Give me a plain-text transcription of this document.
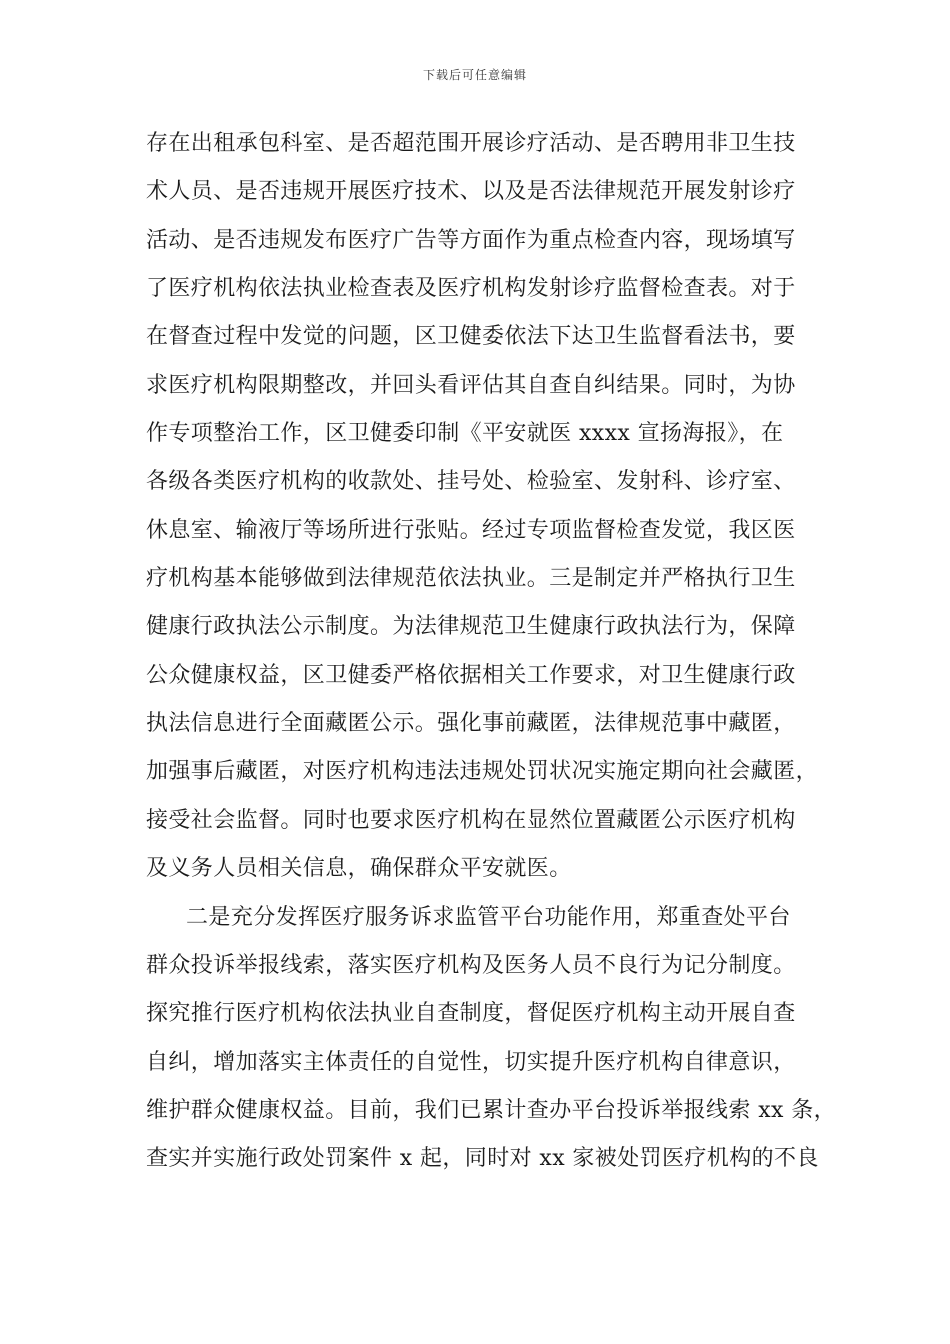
下载后可任意编辑
存在出租承包科室、是否超范围开展诊疗活动、是否聘用非卫生技
术人员、是否违规开展医疗技术、以及是否法律规范开展发射诊疗
活动、是否违规发布医疗广告等方面作为重点检查内容，现场填写
了医疗机构依法执业检查表及医疗机构发射诊疗监督检查表。对于
在督查过程中发觉的问题，区卫健委依法下达卫生监督看法书，要
求医疗机构限期整改，并回头看评估其自查自纠结果。同时，为协
作专项整治工作，区卫健委印制《平安就医 xxxx 宣扬海报》，在
各级各类医疗机构的收款处、挂号处、检验室、发射科、诊疗室、
休息室、输液厅等场所进行张贴。经过专项监督检查发觉，我区医
疗机构基本能够做到法律规范依法执业。三是制定并严格执行卫生
健康行政执法公示制度。为法律规范卫生健康行政执法行为，保障
公众健康权益，区卫健委严格依据相关工作要求，对卫生健康行政
执法信息进行全面藏匿公示。强化事前藏匿，法律规范事中藏匿，
加强事后藏匿，对医疗机构违法违规处罚状况实施定期向社会藏匿，
接受社会监督。同时也要求医疗机构在显然位置藏匿公示医疗机构
及义务人员相关信息，确保群众平安就医。
二是充分发挥医疗服务诉求监管平台功能作用，郑重查处平台
群众投诉举报线索，落实医疗机构及医务人员不良行为记分制度。
探究推行医疗机构依法执业自查制度，督促医疗机构主动开展自查
自纠，增加落实主体责任的自觉性，切实提升医疗机构自律意识，
维护群众健康权益。目前，我们已累计查办平台投诉举报线索 xx 条，
查实并实施行政处罚案件 x 起，同时对 xx 家被处罚医疗机构的不良
